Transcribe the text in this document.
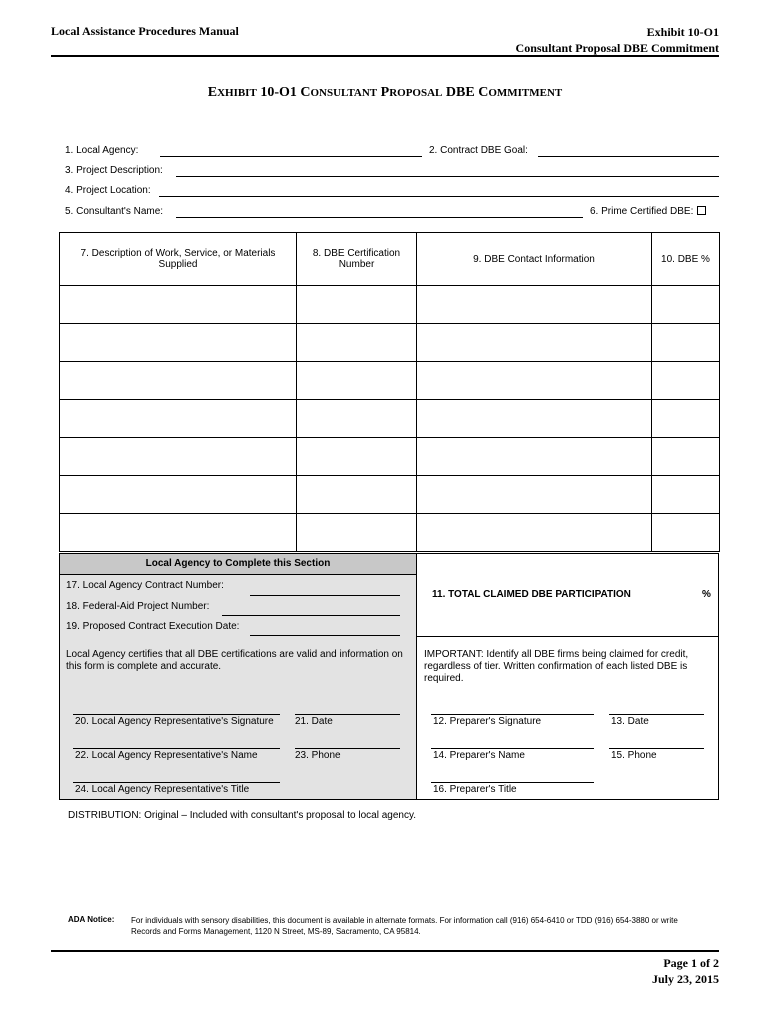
Local Assistance Procedures Manual	Exhibit 10-O1
Consultant Proposal DBE Commitment
EXHIBIT 10-O1 CONSULTANT PROPOSAL DBE COMMITMENT
1. Local Agency:	2. Contract DBE Goal:
3. Project Description:
4. Project Location:
5. Consultant's Name:	6. Prime Certified DBE:
7. Description of Work, Service, or Materials Supplied	8. DBE Certification Number	9. DBE Contact Information	10. DBE %

Local Agency to Complete this Section
17. Local Agency Contract Number:
18. Federal-Aid Project Number:
19. Proposed Contract Execution Date:
Local Agency certifies that all DBE certifications are valid and information on this form is complete and accurate.
20. Local Agency Representative's Signature 21. Date
22. Local Agency Representative's Name	23. Phone
24. Local Agency Representative's Title
11. TOTAL CLAIMED DBE PARTICIPATION	%
IMPORTANT: Identify all DBE firms being claimed for credit, regardless of tier. Written confirmation of each listed DBE is required.
12. Preparer's Signature	13. Date
14. Preparer's Name	15. Phone
16. Preparer's Title
DISTRIBUTION: Original – Included with consultant's proposal to local agency.
ADA Notice: For individuals with sensory disabilities, this document is available in alternate formats. For information call (916) 654-6410 or TDD (916) 654-3880 or write Records and Forms Management, 1120 N Street, MS-89, Sacramento, CA 95814.
Page 1 of 2
July 23, 2015
